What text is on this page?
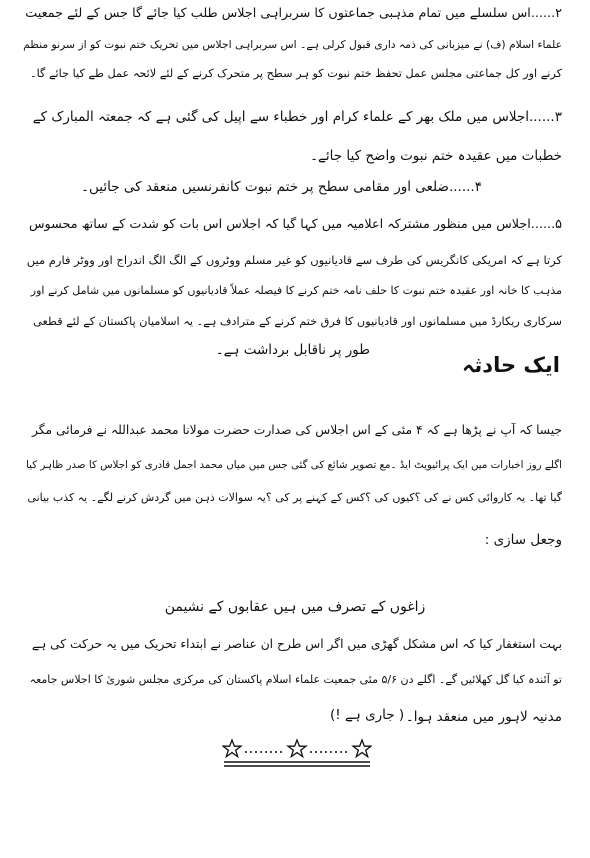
۲......اس سلسلے میں تمام مذہبی جماعتوں کا سربراہی اجلاس طلب کیا جائے گا جس کے لئے جمعیت
علماء اسلام (ف) نے میزبانی کی ذمہ داری قبول کرلی ہے۔ اس سربراہی اجلاس میں تحریک ختم نبوت کو از سرنو منظم
کرنے اور کل جماعتی مجلس عمل تحفظ ختم نبوت کو ہر سطح پر متحرک کرنے کے لئے لائحہ عمل طے کیا جائے گا۔
۳......اجلاس میں ملک بھر کے علماء کرام اور خطباء سے اپیل کی گئی ہے کہ جمعتہ المبارک کے
خطبات میں عقیدہ ختم نبوت واضح کیا جائے۔
۴......ضلعی اور مقامی سطح پر ختم نبوت کانفرنسیں منعقد کی جائیں۔
۵......اجلاس میں منظور مشترکہ اعلامیہ میں کہا گیا کہ اجلاس اس بات کو شدت کے ساتھ محسوس
کرتا ہے کہ امریکی کانگریس کی طرف سے قادیانیوں کو غیر مسلم ووٹروں کے الگ الگ اندراج اور ووٹر فارم میں
مذہب کا خانہ اور عقیدہ ختم نبوت کا حلف نامہ ختم کرنے کا فیصلہ عملاً قادیانیوں کو مسلمانوں میں شامل کرنے اور
سرکاری ریکارڈ میں مسلمانوں اور قادیانیوں کا فرق ختم کرنے کے مترادف ہے۔ یہ اسلامیان پاکستان کے لئے قطعی
طور پر ناقابل برداشت ہے۔
ایک حادثہ
جیسا کہ آپ نے پڑھا ہے کہ ۴ مئی کے اس اجلاس کی صدارت حضرت مولانا محمد عبداللہ نے فرمائی مگر
اگلے روز اخبارات میں ایک پرائیویٹ ایڈ ۔مع تصویر شائع کی گئی جس میں میاں محمد اجمل قادری کو اجلاس کا صدر ظاہر کیا
گیا تھا۔ یہ کاروائی کس نے کی ؟کیوں کی ؟کس کے کہنے پر کی ؟یہ سوالات ذہن میں گردش کرنے لگے۔ یہ کذب بیانی
وجعل سازی :
زاغوں کے تصرف میں ہیں عقابوں کے نشیمن
بہت استغفار کیا کہ اس مشکل گھڑی میں اگر اس طرح ان عناصر نے ابتداء تحریک میں یہ حرکت کی ہے
تو آئندہ کیا گل کھلائیں گے۔ اگلے دن ۵/۶ مئی جمعیت علماء اسلام پاکستان کی مرکزی مجلس شوریٰ کا اجلاس جامعہ
مدنیہ لاہور میں منعقد ہوا۔
( جاری ہے !)
